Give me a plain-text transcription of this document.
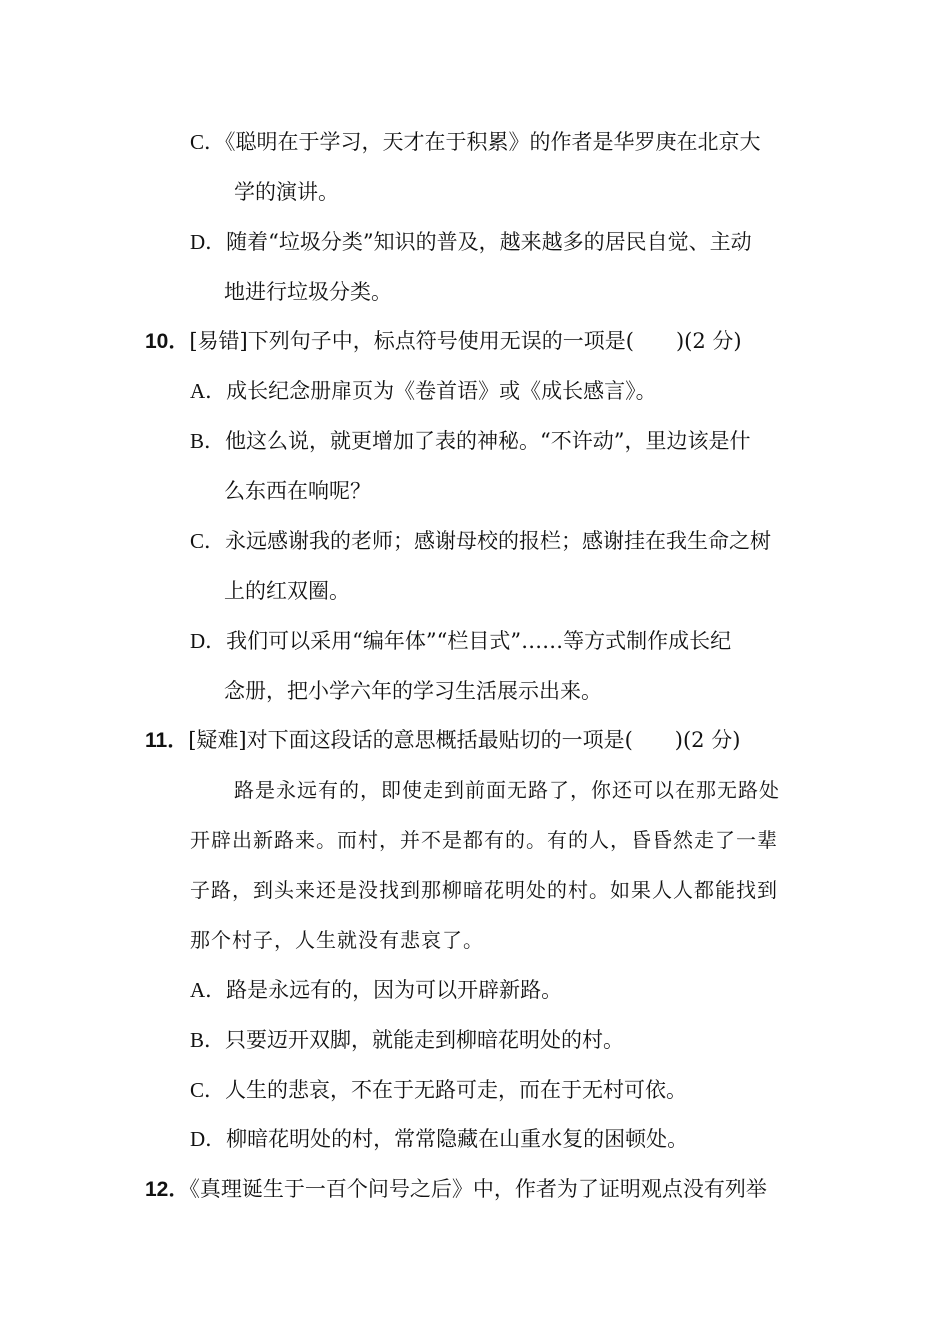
C．《聪明在于学习，天才在于积累》的作者是华罗庚在北京大
学的演讲。
D．随着“垃圾分类”知识的普及，越来越多的居民自觉、主动
地进行垃圾分类。
10．[易错]下列句子中，标点符号使用无误的一项是( )(2 分)
A．成长纪念册扉页为《卷首语》或《成长感言》。
B．他这么说，就更增加了表的神秘。“不许动”，里边该是什
么东西在响呢？
C．永远感谢我的老师；感谢母校的报栏；感谢挂在我生命之树
上的红双圈。
D．我们可以采用“编年体”“栏目式”……等方式制作成长纪
念册，把小学六年的学习生活展示出来。
11．[疑难]对下面这段话的意思概括最贴切的一项是( )(2 分)
路是永远有的，即使走到前面无路了，你还可以在那无路处
开辟出新路来。而村，并不是都有的。有的人，昏昏然走了一辈
子路，到头来还是没找到那柳暗花明处的村。如果人人都能找到
那个村子，人生就没有悲哀了。
A．路是永远有的，因为可以开辟新路。
B．只要迈开双脚，就能走到柳暗花明处的村。
C．人生的悲哀，不在于无路可走，而在于无村可依。
D．柳暗花明处的村，常常隐藏在山重水复的困顿处。
12．《真理诞生于一百个问号之后》中，作者为了证明观点没有列举
